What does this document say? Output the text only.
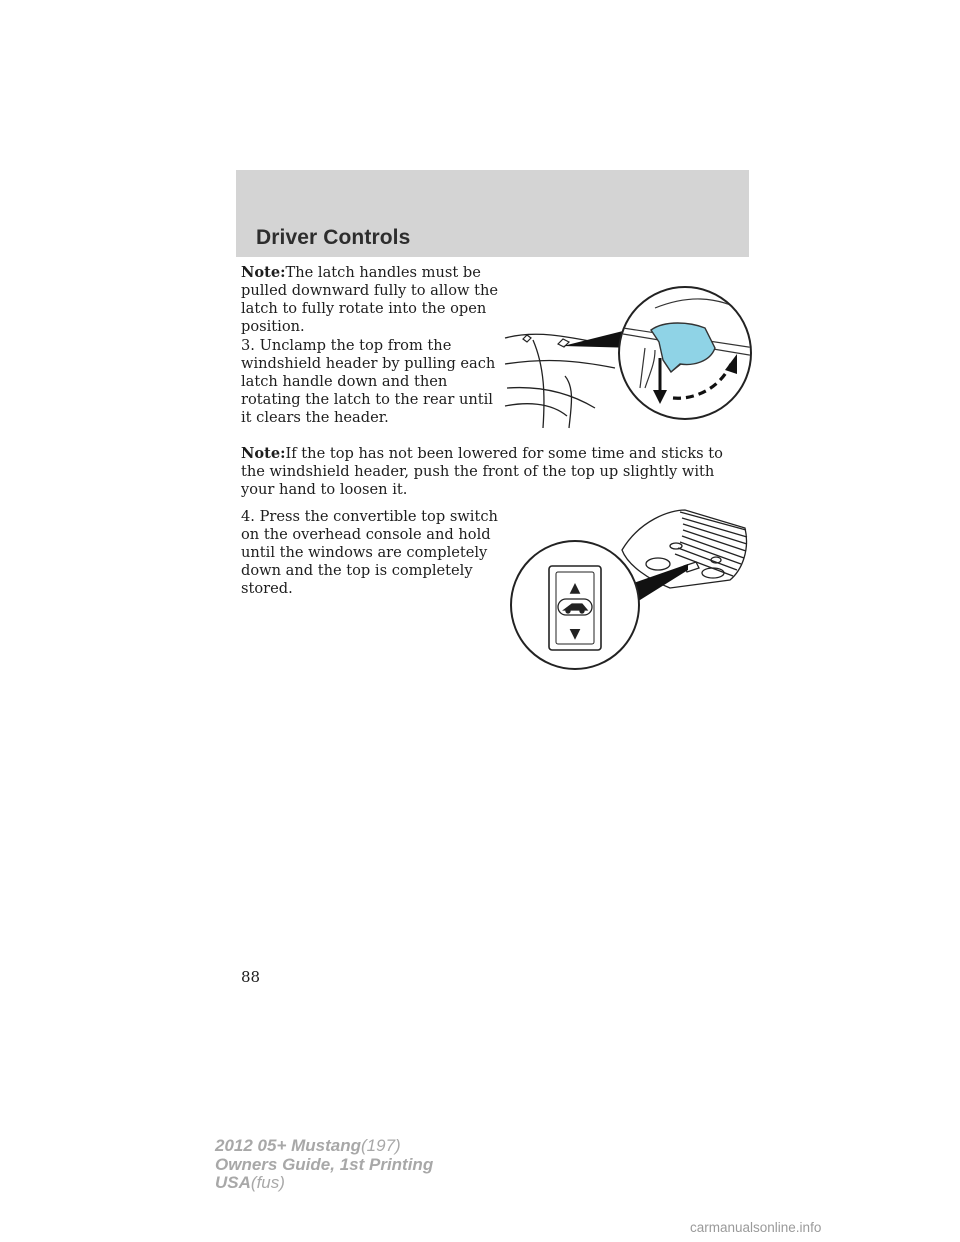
Driver Controls

Note:The latch handles must be pulled downward fully to allow the latch to fully rotate into the open position.

3. Unclamp the top from the windshield header by pulling each latch handle down and then rotating the latch to the rear until it clears the header.

Note:If the top has not been lowered for some time and sticks to the windshield header, push the front of the top up slightly with your hand to loosen it.

4. Press the convertible top switch on the overhead console and hold until the windows are completely down and the top is completely stored.	▲
▼
88
2012 05+ Mustang(197)
Owners Guide, 1st Printing
USA(fus)
carmanualsonline.info
